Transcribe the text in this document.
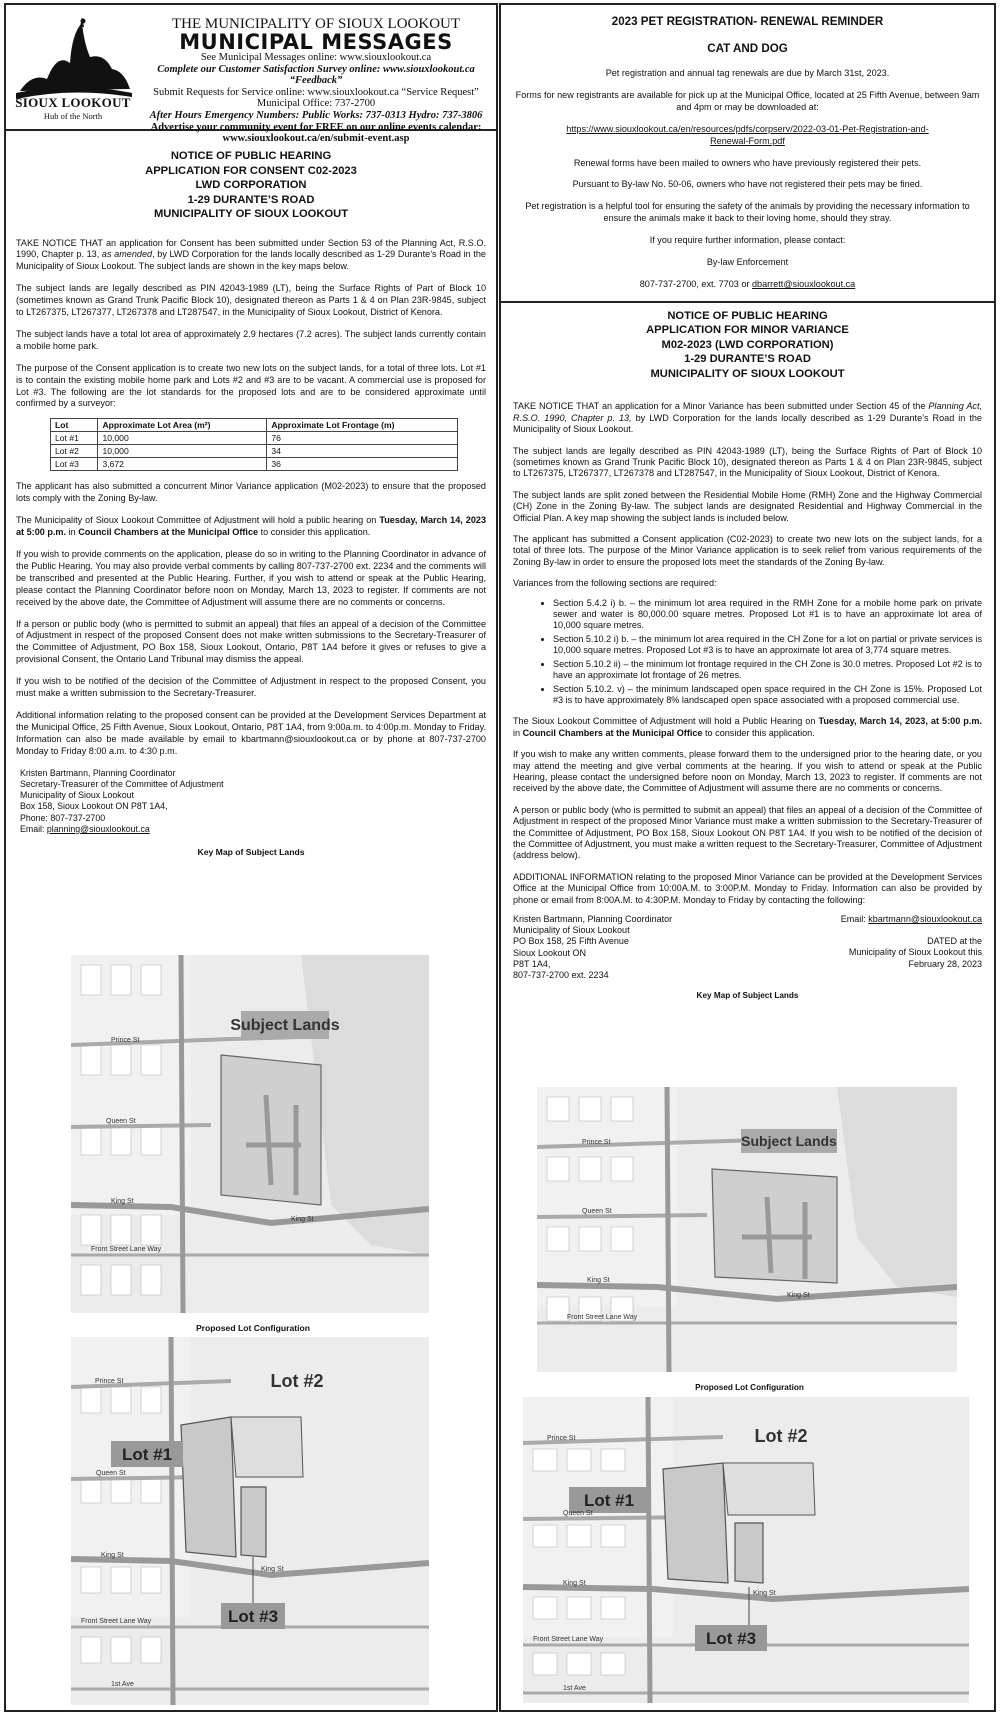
SIOUX LOOKOUT
Hub of the North
THE MUNICIPALITY OF SIOUX LOOKOUT
MUNICIPAL MESSAGES
See Municipal Messages online: www.siouxlookout.ca
Complete our Customer Satisfaction Survey online: www.siouxlookout.ca “Feedback”
Submit Requests for Service online: www.siouxlookout.ca “Service Request”
Municipal Office: 737-2700
After Hours Emergency Numbers: Public Works: 737-0313 Hydro: 737-3806
Advertise your community event for FREE on our online events calendar:
www.siouxlookout.ca/en/submit-event.asp
NOTICE OF PUBLIC HEARING
APPLICATION FOR CONSENT C02-2023
LWD CORPORATION
1-29 DURANTE’S ROAD
MUNICIPALITY OF SIOUX LOOKOUT
TAKE NOTICE THAT an application for Consent has been submitted under Section 53 of the Planning Act, R.S.O. 1990, Chapter p. 13, as amended, by LWD Corporation for the lands locally described as 1-29 Durante’s Road in the Municipality of Sioux Lookout. The subject lands are shown in the key maps below.
The subject lands are legally described as PIN 42043-1989 (LT), being the Surface Rights of Part of Block 10 (sometimes known as Grand Trunk Pacific Block 10), designated thereon as Parts 1 & 4 on Plan 23R-9845, subject to LT267375, LT267377, LT267378 and LT287547, in the Municipality of Sioux Lookout, District of Kenora.
The subject lands have a total lot area of approximately 2.9 hectares (7.2 acres). The subject lands currently contain a mobile home park.
The purpose of the Consent application is to create two new lots on the subject lands, for a total of three lots. Lot #1 is to contain the existing mobile home park and Lots #2 and #3 are to be vacant. A commercial use is proposed for Lot #3. The following are the lot standards for the proposed lots and are to be considered approximate until confirmed by a surveyor:
Lot	Approximate Lot Area (m²)	Approximate Lot Frontage (m)
Lot #1	10,000	76
Lot #2	10,000	34
Lot #3	3,672	36
The applicant has also submitted a concurrent Minor Variance application (M02-2023) to ensure that the proposed lots comply with the Zoning By-law.
The Municipality of Sioux Lookout Committee of Adjustment will hold a public hearing on Tuesday, March 14, 2023 at 5:00 p.m. in Council Chambers at the Municipal Office to consider this application.
If you wish to provide comments on the application, please do so in writing to the Planning Coordinator in advance of the Public Hearing. You may also provide verbal comments by calling 807-737-2700 ext. 2234 and the comments will be transcribed and presented at the Public Hearing. Further, if you wish to attend or speak at the Public Hearing, please contact the Planning Coordinator before noon on Monday, March 13, 2023 to register. If comments are not received by the above date, the Committee of Adjustment will assume there are no comments or concerns.
If a person or public body (who is permitted to submit an appeal) that files an appeal of a decision of the Committee of Adjustment in respect of the proposed Consent does not make written submissions to the Secretary-Treasurer of the Committee of Adjustment, PO Box 158, Sioux Lookout, Ontario, P8T 1A4 before it gives or refuses to give a provisional Consent, the Ontario Land Tribunal may dismiss the appeal.
If you wish to be notified of the decision of the Committee of Adjustment in respect to the proposed Consent, you must make a written submission to the Secretary-Treasurer.
Additional information relating to the proposed consent can be provided at the Development Services Department at the Municipal Office, 25 Fifth Avenue, Sioux Lookout, Ontario, P8T 1A4, from 9:00a.m. to 4:00p.m. Monday to Friday. Information can also be made available by email to kbartmann@siouxlookout.ca or by phone at 807-737-2700 Monday to Friday 8:00 a.m. to 4:30 p.m.
Kristen Bartmann, Planning Coordinator
Secretary-Treasurer of the Committee of Adjustment
Municipality of Sioux Lookout
Box 158, Sioux Lookout ON P8T 1A4,
Phone: 807-737-2700
Email: planning@siouxlookout.ca
Key Map of Subject Lands
Subject Lands
Prince St
Queen St
King St
King St
Front Street Lane Way
Proposed Lot Configuration
Lot #1
Lot #2
Lot #3
Prince St
Queen St
King St
King St
Front Street Lane Way
1st Ave
2023 PET REGISTRATION- RENEWAL REMINDER
CAT AND DOG
Pet registration and annual tag renewals are due by March 31st, 2023.
Forms for new registrants are available for pick up at the Municipal Office, located at 25 Fifth Avenue, between 9am and 4pm or may be downloaded at:
https://www.siouxlookout.ca/en/resources/pdfs/corpserv/2022-03-01-Pet-Registration-and-Renewal-Form.pdf
Renewal forms have been mailed to owners who have previously registered their pets.
Pursuant to By-law No. 50-06, owners who have not registered their pets may be fined.
Pet registration is a helpful tool for ensuring the safety of the animals by providing the necessary information to ensure the animals make it back to their loving home, should they stray.
If you require further information, please contact:
By-law Enforcement
807-737-2700, ext. 7703 or dbarrett@siouxlookout.ca
NOTICE OF PUBLIC HEARING
APPLICATION FOR MINOR VARIANCE
M02-2023 (LWD CORPORATION)
1-29 DURANTE’S ROAD
MUNICIPALITY OF SIOUX LOOKOUT
TAKE NOTICE THAT an application for a Minor Variance has been submitted under Section 45 of the Planning Act, R.S.O. 1990, Chapter p. 13, by LWD Corporation for the lands locally described as 1-29 Durante’s Road in the Municipality of Sioux Lookout.
The subject lands are legally described as PIN 42043-1989 (LT), being the Surface Rights of Part of Block 10 (sometimes known as Grand Trunk Pacific Block 10), designated thereon as Parts 1 & 4 on Plan 23R-9845, subject to LT267375, LT267377, LT267378 and LT287547, in the Municipality of Sioux Lookout, District of Kenora.
The subject lands are split zoned between the Residential Mobile Home (RMH) Zone and the Highway Commercial (CH) Zone in the Zoning By-law. The subject lands are designated Residential and Highway Commercial in the Official Plan. A key map showing the subject lands is included below.
The applicant has submitted a Consent application (C02-2023) to create two new lots on the subject lands, for a total of three lots. The purpose of the Minor Variance application is to seek relief from various requirements of the Zoning By-law in order to ensure the proposed lots meet the standards of the Zoning By-law.
Variances from the following sections are required:
• Section 5.4.2 i) b. – the minimum lot area required in the RMH Zone for a mobile home park on private sewer and water is 80,000.00 square metres. Proposed Lot #1 is to have an approximate lot area of 10,000 square metres.
• Section 5.10.2 i) b. – the minimum lot area required in the CH Zone for a lot on partial or private services is 10,000 square metres. Proposed Lot #3 is to have an approximate lot area of 3,774 square metres.
• Section 5.10.2 ii) – the minimum lot frontage required in the CH Zone is 30.0 metres. Proposed Lot #2 is to have an approximate lot frontage of 26 metres.
• Section 5.10.2. v) – the minimum landscaped open space required in the CH Zone is 15%. Proposed Lot #3 is to have approximately 8% landscaped open space associated with a proposed commercial use.
The Sioux Lookout Committee of Adjustment will hold a Public Hearing on Tuesday, March 14, 2023, at 5:00 p.m. in Council Chambers at the Municipal Office to consider this application.
If you wish to make any written comments, please forward them to the undersigned prior to the hearing date, or you may attend the meeting and give verbal comments at the hearing. If you wish to attend or speak at the Public Hearing, please contact the undersigned before noon on Monday, March 13, 2023 to register. If comments are not received by the above date, the Committee of Adjustment will assume there are no comments or concerns.
A person or public body (who is permitted to submit an appeal) that files an appeal of a decision of the Committee of Adjustment in respect of the proposed Minor Variance must make a written submission to the Secretary-Treasurer of the Committee of Adjustment, PO Box 158, Sioux Lookout ON P8T 1A4. If you wish to be notified of the decision of the Committee of Adjustment, you must make a written request to the Secretary-Treasurer, Committee of Adjustment (address below).
ADDITIONAL INFORMATION relating to the proposed Minor Variance can be provided at the Development Services Office at the Municipal Office from 10:00A.M. to 3:00P.M. Monday to Friday. Information can also be provided by phone or email from 8:00A.M. to 4:30P.M. Monday to Friday by contacting the following:
Kristen Bartmann, Planning Coordinator
Municipality of Sioux Lookout
PO Box 158, 25 Fifth Avenue
Sioux Lookout ON
P8T 1A4,
807-737-2700 ext. 2234
Email: kbartmann@siouxlookout.ca
DATED at the
Municipality of Sioux Lookout this
February 28, 2023
Key Map of Subject Lands
Subject Lands
Prince St
Queen St
King St
King St
Front Street Lane Way
Proposed Lot Configuration
Lot #1
Lot #2
Lot #3
Prince St
Queen St
King St
King St
Front Street Lane Way
1st Ave
